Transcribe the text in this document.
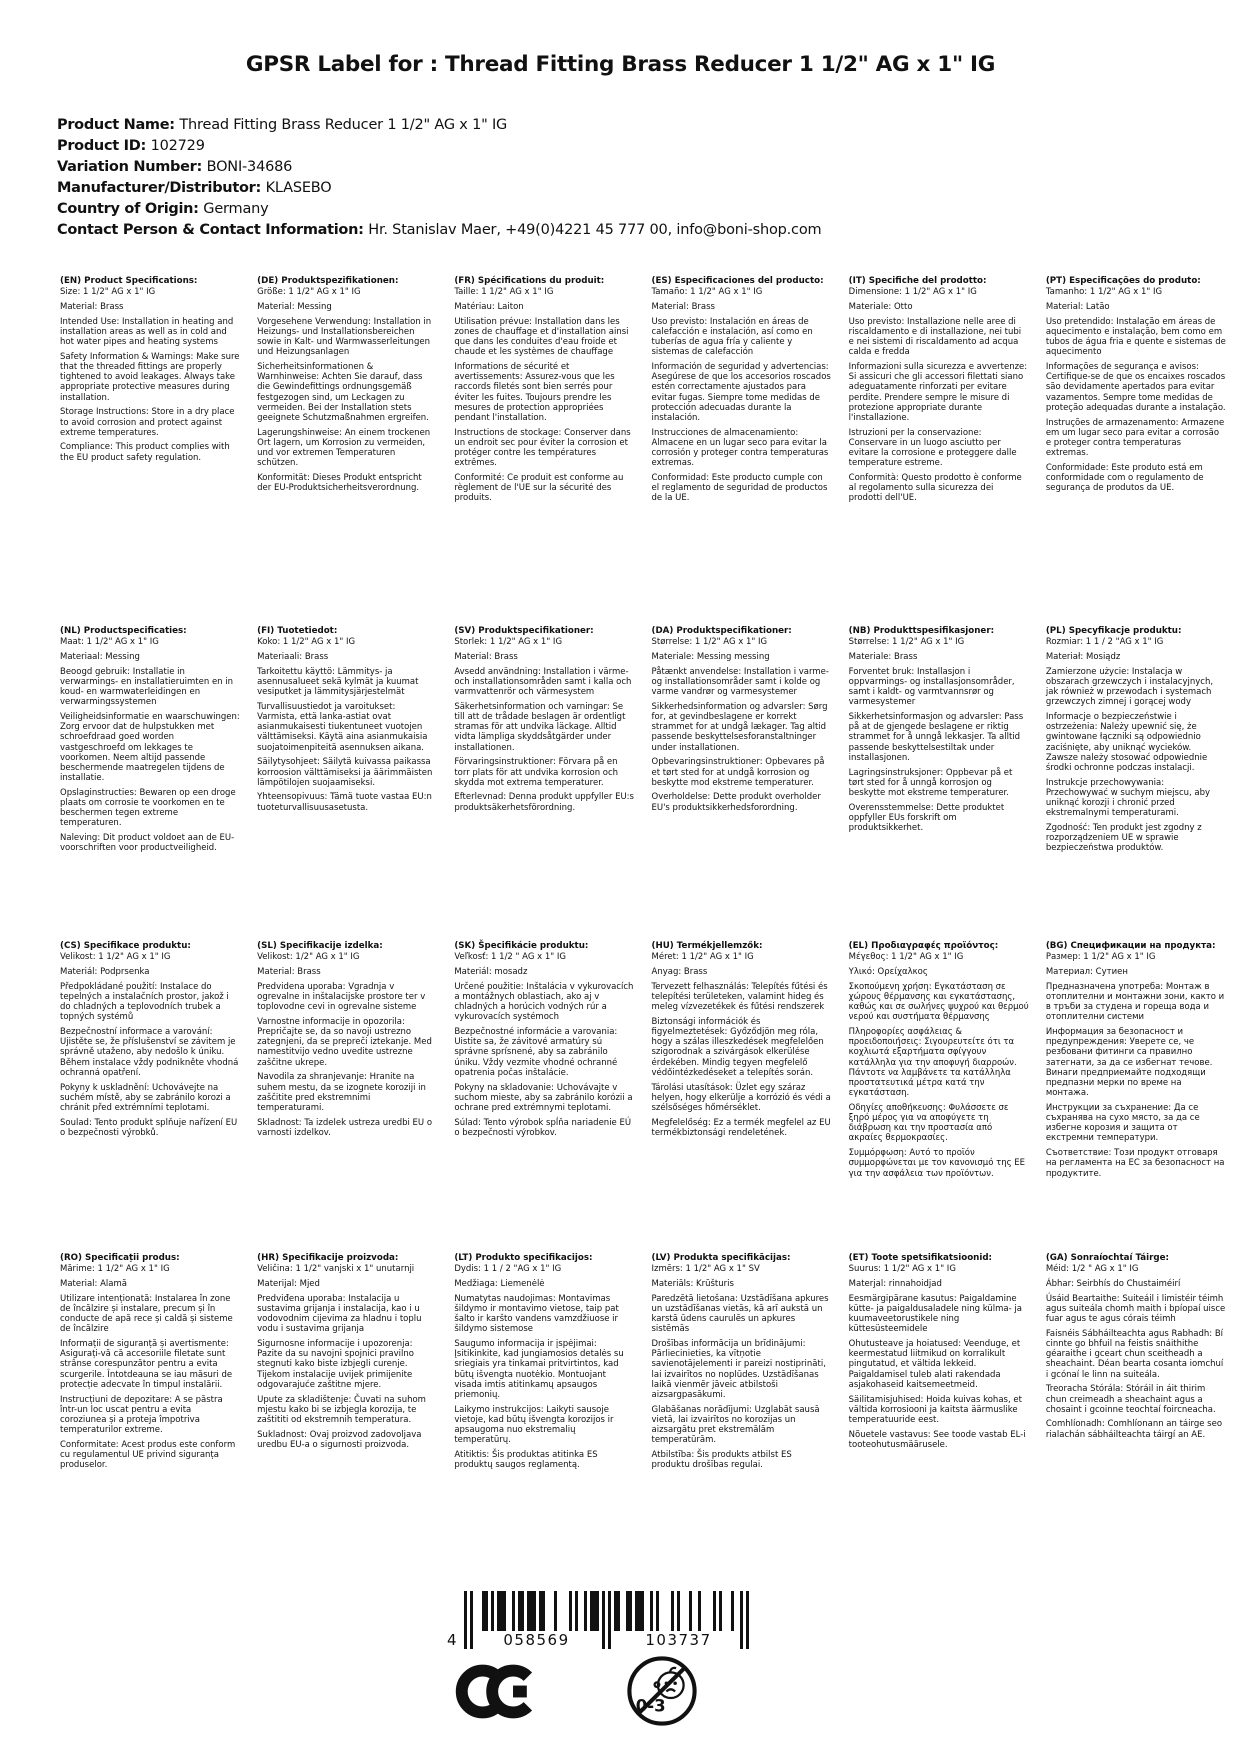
GPSR Label for : Thread Fitting Brass Reducer 1 1/2" AG x 1" IG
Product Name: Thread Fitting Brass Reducer 1 1/2" AG x 1" IG
Product ID: 102729
Variation Number: BONI-34686
Manufacturer/Distributor: KLASEBO
Country of Origin: Germany
Contact Person & Contact Information: Hr. Stanislav Maer, +49(0)4221 45 777 00, info@boni-shop.com
(EN) Product Specifications:

Size: 1 1/2" AG x 1" IG

Material: Brass

Intended Use: Installation in heating and installation areas as well as in cold and hot water pipes and heating systems

Safety Information & Warnings: Make sure that the threaded fittings are properly tightened to avoid leakages. Always take appropriate protective measures during installation.

Storage Instructions: Store in a dry place to avoid corrosion and protect against extreme temperatures.

Compliance: This product complies with the EU product safety regulation.

(DE) Produktspezifikationen:

Größe: 1 1/2" AG x 1" IG

Material: Messing

Vorgesehene Verwendung: Installation in Heizungs- und Installationsbereichen sowie in Kalt- und Warmwasserleitungen und Heizungsanlagen

Sicherheitsinformationen & Warnhinweise: Achten Sie darauf, dass die Gewindefittings ordnungsgemäß festgezogen sind, um Leckagen zu vermeiden. Bei der Installation stets geeignete Schutzmaßnahmen ergreifen.

Lagerungshinweise: An einem trockenen Ort lagern, um Korrosion zu vermeiden, und vor extremen Temperaturen schützen.

Konformität: Dieses Produkt entspricht der EU-Produktsicherheitsverordnung.

(FR) Spécifications du produit:

Taille: 1 1/2" AG x 1" IG

Matériau: Laiton

Utilisation prévue: Installation dans les zones de chauffage et d'installation ainsi que dans les conduites d'eau froide et chaude et les systèmes de chauffage

Informations de sécurité et avertissements: Assurez-vous que les raccords filetés sont bien serrés pour éviter les fuites. Toujours prendre les mesures de protection appropriées pendant l'installation.

Instructions de stockage: Conserver dans un endroit sec pour éviter la corrosion et protéger contre les températures extrêmes.

Conformité: Ce produit est conforme au règlement de l'UE sur la sécurité des produits.

(ES) Especificaciones del producto:

Tamaño: 1 1/2" AG x 1" IG

Material: Brass

Uso previsto: Instalación en áreas de calefacción e instalación, así como en tuberías de agua fría y caliente y sistemas de calefacción

Información de seguridad y advertencias: Asegúrese de que los accesorios roscados estén correctamente ajustados para evitar fugas. Siempre tome medidas de protección adecuadas durante la instalación.

Instrucciones de almacenamiento: Almacene en un lugar seco para evitar la corrosión y proteger contra temperaturas extremas.

Conformidad: Este producto cumple con el reglamento de seguridad de productos de la UE.

(IT) Specifiche del prodotto:

Dimensione: 1 1/2" AG x 1" IG

Materiale: Otto

Uso previsto: Installazione nelle aree di riscaldamento e di installazione, nei tubi e nei sistemi di riscaldamento ad acqua calda e fredda

Informazioni sulla sicurezza e avvertenze: Si assicuri che gli accessori filettati siano adeguatamente rinforzati per evitare perdite. Prendere sempre le misure di protezione appropriate durante l'installazione.

Istruzioni per la conservazione: Conservare in un luogo asciutto per evitare la corrosione e proteggere dalle temperature estreme.

Conformità: Questo prodotto è conforme al regolamento sulla sicurezza dei prodotti dell'UE.

(PT) Especificações do produto:

Tamanho: 1 1/2" AG x 1" IG

Material: Latão

Uso pretendido: Instalação em áreas de aquecimento e instalação, bem como em tubos de água fria e quente e sistemas de aquecimento

Informações de segurança e avisos: Certifique-se de que os encaixes roscados são devidamente apertados para evitar vazamentos. Sempre tome medidas de proteção adequadas durante a instalação.

Instruções de armazenamento: Armazene em um lugar seco para evitar a corrosão e proteger contra temperaturas extremas.

Conformidade: Este produto está em conformidade com o regulamento de segurança de produtos da UE.

(NL) Productspecificaties:

Maat: 1 1/2" AG x 1" IG

Materiaal: Messing

Beoogd gebruik: Installatie in verwarmings- en installatieruimten en in koud- en warmwaterleidingen en verwarmingssystemen

Veiligheidsinformatie en waarschuwingen: Zorg ervoor dat de hulpstukken met schroefdraad goed worden vastgeschroefd om lekkages te voorkomen. Neem altijd passende beschermende maatregelen tijdens de installatie.

Opslaginstructies: Bewaren op een droge plaats om corrosie te voorkomen en te beschermen tegen extreme temperaturen.

Naleving: Dit product voldoet aan de EU-voorschriften voor productveiligheid.

(FI) Tuotetiedot:

Koko: 1 1/2" AG x 1" IG

Materiaali: Brass

Tarkoitettu käyttö: Lämmitys- ja asennusalueet sekä kylmät ja kuumat vesiputket ja lämmitysjärjestelmät

Turvallisuustiedot ja varoitukset: Varmista, että lanka-astiat ovat asianmukaisesti tiukentuneet vuotojen välttämiseksi. Käytä aina asianmukaisia suojatoimenpiteitä asennuksen aikana.

Säilytysohjeet: Säilytä kuivassa paikassa korroosion välttämiseksi ja äärimmäisten lämpötilojen suojaamiseksi.

Yhteensopivuus: Tämä tuote vastaa EU:n tuoteturvallisuusasetusta.

(SV) Produktspecifikationer:

Storlek: 1 1/2" AG x 1" IG

Material: Brass

Avsedd användning: Installation i värme- och installationsområden samt i kalla och varmvattenrör och värmesystem

Säkerhetsinformation och varningar: Se till att de trådade beslagen är ordentligt stramas för att undvika läckage. Alltid vidta lämpliga skyddsåtgärder under installationen.

Förvaringsinstruktioner: Förvara på en torr plats för att undvika korrosion och skydda mot extrema temperaturer.

Efterlevnad: Denna produkt uppfyller EU:s produktsäkerhetsförordning.

(DA) Produktspecifikationer:

Størrelse: 1 1/2" AG x 1" IG

Materiale: Messing messing

Påtænkt anvendelse: Installation i varme- og installationsområder samt i kolde og varme vandrør og varmesystemer

Sikkerhedsinformation og advarsler: Sørg for, at gevindbeslagene er korrekt strammet for at undgå lækager. Tag altid passende beskyttelsesforanstaltninger under installationen.

Opbevaringsinstruktioner: Opbevares på et tørt sted for at undgå korrosion og beskytte mod ekstreme temperaturer.

Overholdelse: Dette produkt overholder EU's produktsikkerhedsforordning.

(NB) Produkttspesifikasjoner:

Størrelse: 1 1/2" AG x 1" IG

Materiale: Brass

Forventet bruk: Installasjon i oppvarmings- og installasjonsområder, samt i kaldt- og varmtvannsrør og varmesystemer

Sikkerhetsinformasjon og advarsler: Pass på at de gjengede beslagene er riktig strammet for å unngå lekkasjer. Ta alltid passende beskyttelsestiltak under installasjonen.

Lagringsinstruksjoner: Oppbevar på et tørt sted for å unngå korrosjon og beskytte mot ekstreme temperaturer.

Overensstemmelse: Dette produktet oppfyller EUs forskrift om produktsikkerhet.

(PL) Specyfikacje produktu:

Rozmiar: 1 1 / 2 "AG x 1" IG

Materiał: Mosiądz

Zamierzone użycie: Instalacja w obszarach grzewczych i instalacyjnych, jak również w przewodach i systemach grzewczych zimnej i gorącej wody

Informacje o bezpieczeństwie i ostrzeżenia: Należy upewnić się, że gwintowane łączniki są odpowiednio zaciśnięte, aby uniknąć wycieków. Zawsze należy stosować odpowiednie środki ochronne podczas instalacji.

Instrukcje przechowywania: Przechowywać w suchym miejscu, aby uniknąć korozji i chronić przed ekstremalnymi temperaturami.

Zgodność: Ten produkt jest zgodny z rozporządzeniem UE w sprawie bezpieczeństwa produktów.

(CS) Specifikace produktu:

Velikost: 1 1/2" AG x 1" IG

Materiál: Podprsenka

Předpokládané použití: Instalace do tepelných a instalačních prostor, jakož i do chladných a teplovodních trubek a topných systémů

Bezpečnostní informace a varování: Ujistěte se, že příslušenství se závitem je správně utaženo, aby nedošlo k úniku. Během instalace vždy podnikněte vhodná ochranná opatření.

Pokyny k uskladnění: Uchovávejte na suchém místě, aby se zabránilo korozi a chránit před extrémními teplotami.

Soulad: Tento produkt splňuje nařízení EU o bezpečnosti výrobků.

(SL) Specifikacije izdelka:

Velikost: 1/2" AG x 1" IG

Material: Brass

Predvidena uporaba: Vgradnja v ogrevalne in inštalacijske prostore ter v toplovodne cevi in ogrevalne sisteme

Varnostne informacije in opozorila: Prepričajte se, da so navoji ustrezno zategnjeni, da se prepreči iztekanje. Med namestitvijo vedno uvedite ustrezne zaščitne ukrepe.

Navodila za shranjevanje: Hranite na suhem mestu, da se izognete koroziji in zaščitite pred ekstremnimi temperaturami.

Skladnost: Ta izdelek ustreza uredbi EU o varnosti izdelkov.

(SK) Špecifikácie produktu:

Veľkosť: 1 1/2 " AG x 1" IG

Materiál: mosadz

Určené použitie: Inštalácia v vykurovacích a montážnych oblastiach, ako aj v chladných a horúcich vodných rúr a vykurovacích systémoch

Bezpečnostné informácie a varovania: Uistite sa, že závitové armatúry sú správne sprísnené, aby sa zabránilo úniku. Vždy vezmite vhodné ochranné opatrenia počas inštalácie.

Pokyny na skladovanie: Uchovávajte v suchom mieste, aby sa zabránilo korózii a ochrane pred extrémnymi teplotami.

Súlad: Tento výrobok spĺňa nariadenie EÚ o bezpečnosti výrobkov.

(HU) Termékjellemzők:

Méret: 1 1/2" AG x 1" IG

Anyag: Brass

Tervezett felhasználás: Telepítés fűtési és telepítési területeken, valamint hideg és meleg vízvezetékek és fűtési rendszerek

Biztonsági információk és figyelmeztetések: Győződjön meg róla, hogy a szálas illeszkedések megfelelően szigorodnak a szivárgások elkerülése érdekében. Mindig tegyen megfelelő védőintézkedéseket a telepítés során.

Tárolási utasítások: Üzlet egy száraz helyen, hogy elkerülje a korrózió és védi a szélsőséges hőmérséklet.

Megfelelőség: Ez a termék megfelel az EU termékbiztonsági rendeletének.

(EL) Προδιαγραφές προϊόντος:

Μέγεθος: 1 1/2" AG x 1" IG

Υλικό: Ορείχαλκος

Σκοπούμενη χρήση: Εγκατάσταση σε χώρους θέρμανσης και εγκατάστασης, καθώς και σε σωλήνες ψυχρού και θερμού νερού και συστήματα θέρμανσης

Πληροφορίες ασφάλειας & προειδοποιήσεις: Σιγουρευτείτε ότι τα κοχλιωτά εξαρτήματα σφίγγουν κατάλληλα για την αποφυγή διαρροών. Πάντοτε να λαμβάνετε τα κατάλληλα προστατευτικά μέτρα κατά την εγκατάσταση.

Οδηγίες αποθήκευσης: Φυλάσσετε σε ξηρό μέρος για να αποφύγετε τη διάβρωση και την προστασία από ακραίες θερμοκρασίες.

Συμμόρφωση: Αυτό το προϊόν συμμορφώνεται με τον κανονισμό της ΕΕ για την ασφάλεια των προϊόντων.

(BG) Спецификации на продукта:

Размер: 1 1/2" AG x 1" IG

Материал: Сутиен

Предназначена употреба: Монтаж в отоплителни и монтажни зони, както и в тръби за студена и гореща вода и отоплителни системи

Информация за безопасност и предупреждения: Уверете се, че резбовани фитинги са правилно затегнати, за да се избегнат течове. Винаги предприемайте подходящи предпазни мерки по време на монтажа.

Инструкции за съхранение: Да се съхранява на сухо място, за да се избегне корозия и защита от екстремни температури.

Съответствие: Този продукт отговаря на регламента на ЕС за безопасност на продуктите.

(RO) Specificații produs:

Mărime: 1 1/2" AG x 1" IG

Material: Alamă

Utilizare intenționată: Instalarea în zone de încălzire și instalare, precum și în conducte de apă rece și caldă și sisteme de încălzire

Informații de siguranță și avertismente: Asigurați-vă că accesoriile filetate sunt strânse corespunzător pentru a evita scurgerile. Întotdeauna se iau măsuri de protecție adecvate în timpul instalării.

Instrucțiuni de depozitare: A se păstra într-un loc uscat pentru a evita coroziunea și a proteja împotriva temperaturilor extreme.

Conformitate: Acest produs este conform cu regulamentul UE privind siguranța produselor.

(HR) Specifikacije proizvoda:

Veličina: 1 1/2" vanjski x 1" unutarnji

Materijal: Mjed

Predviđena uporaba: Instalacija u sustavima grijanja i instalacija, kao i u vodovodnim cijevima za hladnu i toplu vodu i sustavima grijanja

Sigurnosne informacije i upozorenja: Pazite da su navojni spojnici pravilno stegnuti kako biste izbjegli curenje. Tijekom instalacije uvijek primijenite odgovarajuće zaštitne mjere.

Upute za skladištenje: Čuvati na suhom mjestu kako bi se izbjegla korozija, te zaštititi od ekstremnih temperatura.

Sukladnost: Ovaj proizvod zadovoljava uredbu EU-a o sigurnosti proizvoda.

(LT) Produkto specifikacijos:

Dydis: 1 1 / 2 "AG x 1" IG

Medžiaga: Liemenėlė

Numatytas naudojimas: Montavimas šildymo ir montavimo vietose, taip pat šalto ir karšto vandens vamzdžiuose ir šildymo sistemose

Saugumo informacija ir įspėjimai: Įsitikinkite, kad jungiamosios detalės su sriegiais yra tinkamai pritvirtintos, kad būtų išvengta nuotėkio. Montuojant visada imtis atitinkamų apsaugos priemonių.

Laikymo instrukcijos: Laikyti sausoje vietoje, kad būtų išvengta korozijos ir apsaugoma nuo ekstremalių temperatūrų.

Atitiktis: Šis produktas atitinka ES produktų saugos reglamentą.

(LV) Produkta specifikācijas:

Izmērs: 1 1/2" AG x 1" SV

Materiāls: Krūšturis

Paredzētā lietošana: Uzstādīšana apkures un uzstādīšanas vietās, kā arī aukstā un karstā ūdens caurulēs un apkures sistēmās

Drošības informācija un brīdinājumi: Pārliecinieties, ka vītņotie savienotājelementi ir pareizi nostiprināti, lai izvairītos no noplūdes. Uzstādīšanas laikā vienmēr jāveic atbilstoši aizsargpasākumi.

Glabāšanas norādījumi: Uzglabāt sausā vietā, lai izvairītos no korozijas un aizsargātu pret ekstremālām temperatūrām.

Atbilstība: Šis produkts atbilst ES produktu drošības regulai.

(ET) Toote spetsifikatsioonid:

Suurus: 1 1/2" AG x 1" IG

Materjal: rinnahoidjad

Eesmärgipärane kasutus: Paigaldamine kütte- ja paigaldusaladele ning külma- ja kuumaveetorustikele ning küttesüsteemidele

Ohutusteave ja hoiatused: Veenduge, et keermestatud liitmikud on korralikult pingutatud, et vältida lekkeid. Paigaldamisel tuleb alati rakendada asjakohaseid kaitsemeetmeid.

Säilitamisjuhised: Hoida kuivas kohas, et vältida korrosiooni ja kaitsta äärmuslike temperatuuride eest.

Nõuetele vastavus: See toode vastab EL-i tooteohutusmäärusele.

(GA) Sonraíochtaí Táirge:

Méid: 1/2 " AG x 1" IG

Ábhar: Seirbhís do Chustaiméirí

Úsáid Beartaithe: Suiteáil i limistéir téimh agus suiteála chomh maith i bpíopaí uisce fuar agus te agus córais téimh

Faisnéis Sábháilteachta agus Rabhadh: Bí cinnte go bhfuil na feistis snáithithe géaraithe i gceart chun sceitheadh a sheachaint. Déan bearta cosanta iomchuí i gcónaí le linn na suiteála.

Treoracha Stórála: Stóráil in áit thirim chun creimeadh a sheachaint agus a chosaint i gcoinne teochtaí foircneacha.

Comhlíonadh: Comhlíonann an táirge seo rialachán sábháilteachta táirgí an AE.

4	058569	103737
0-3
